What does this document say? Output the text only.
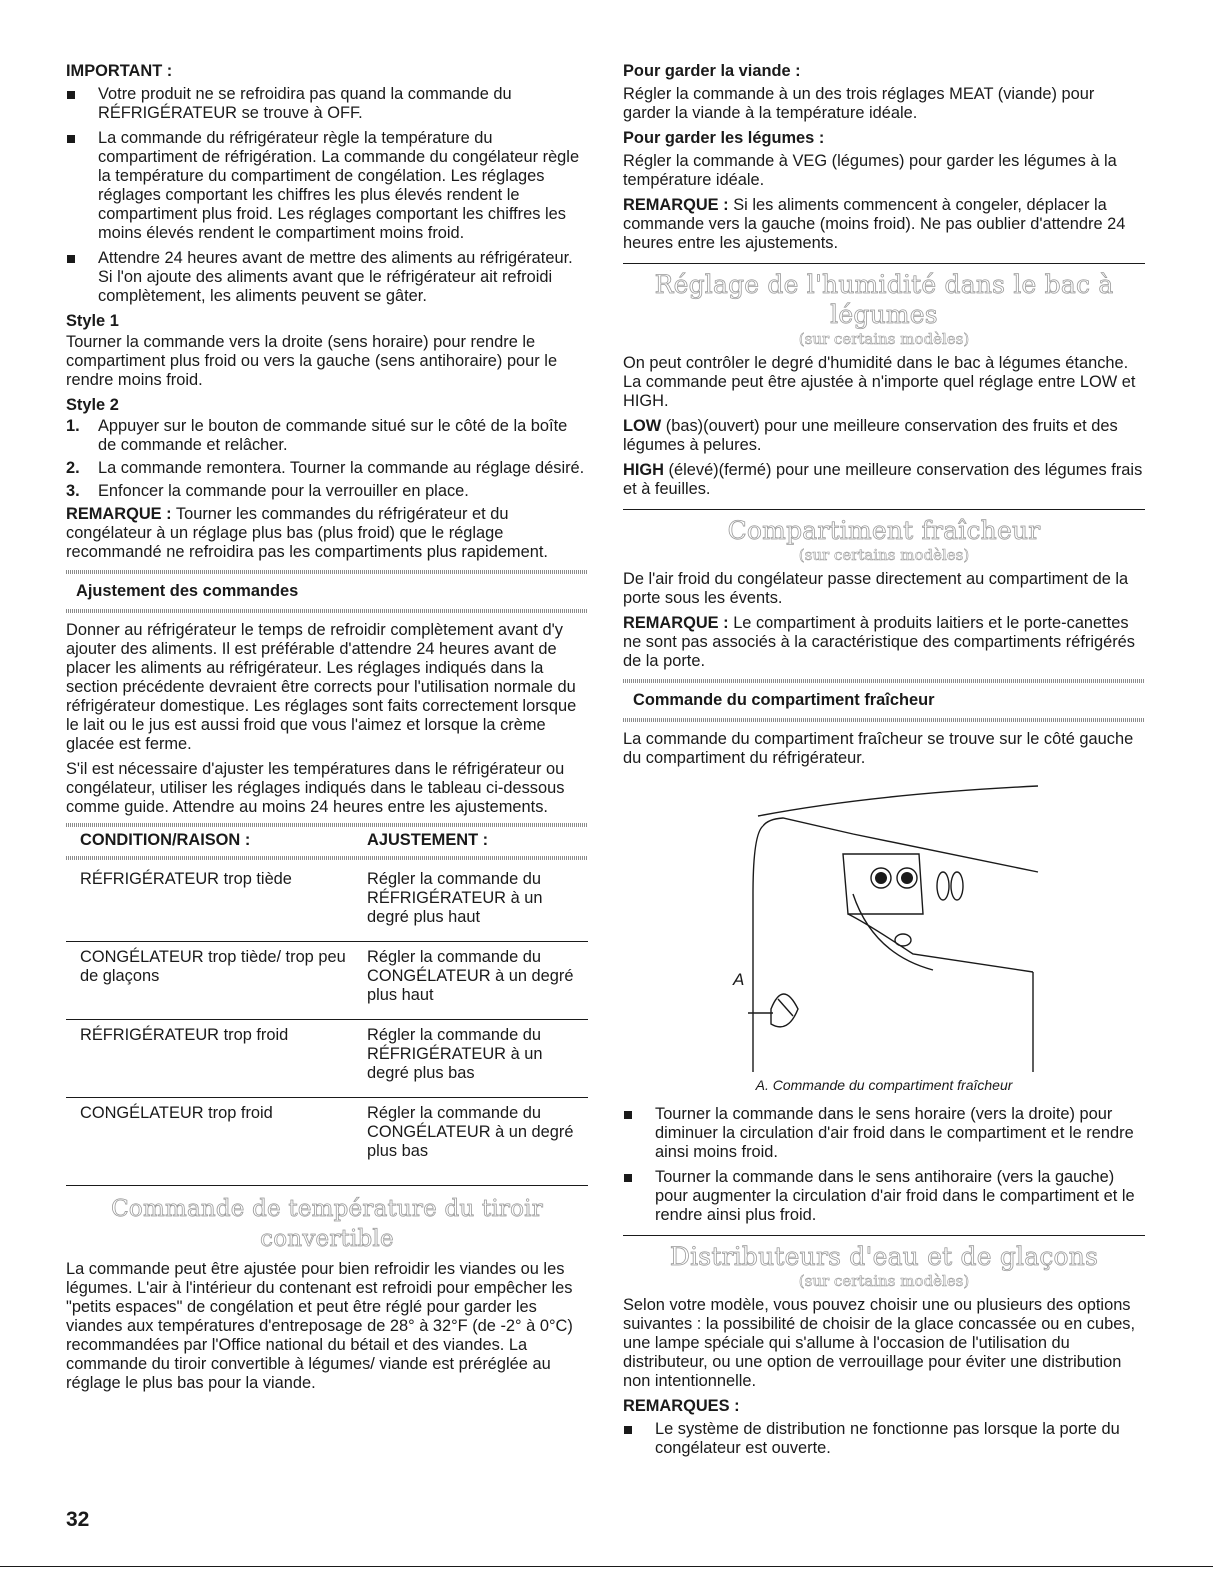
IMPORTANT :
Votre produit ne se refroidira pas quand la commande du RÉFRIGÉRATEUR se trouve à OFF.
La commande du réfrigérateur règle la température du compartiment de réfrigération. La commande du congélateur règle la température du compartiment de congélation. Les réglages réglages comportant les chiffres les plus élevés rendent le compartiment plus froid. Les réglages comportant les chiffres les moins élevés rendent le compartiment moins froid.
Attendre 24 heures avant de mettre des aliments au réfrigérateur. Si l'on ajoute des aliments avant que le réfrigérateur ait refroidi complètement, les aliments peuvent se gâter.
Style 1

Tourner la commande vers la droite (sens horaire) pour rendre le compartiment plus froid ou vers la gauche (sens antihoraire) pour le rendre moins froid.

Style 2
1. Appuyer sur le bouton de commande situé sur le côté de la boîte de commande et relâcher.
2. La commande remontera. Tourner la commande au réglage désiré.
3. Enfoncer la commande pour la verrouiller en place.

REMARQUE : Tourner les commandes du réfrigérateur et du congélateur à un réglage plus bas (plus froid) que le réglage recommandé ne refroidira pas les compartiments plus rapidement.

Ajustement des commandes

Donner au réfrigérateur le temps de refroidir complètement avant d'y ajouter des aliments. Il est préférable d'attendre 24 heures avant de placer les aliments au réfrigérateur. Les réglages indiqués dans la section précédente devraient être corrects pour l'utilisation normale du réfrigérateur domestique. Les réglages sont faits correctement lorsque le lait ou le jus est aussi froid que vous l'aimez et lorsque la crème glacée est ferme.

S'il est nécessaire d'ajuster les températures dans le réfrigérateur ou congélateur, utiliser les réglages indiqués dans le tableau ci-dessous comme guide. Attendre au moins 24 heures entre les ajustements.

CONDITION/RAISON :	AJUSTEMENT :

RÉFRIGÉRATEUR trop tiède	Régler la commande du RÉFRIGÉRATEUR à un degré plus haut
CONGÉLATEUR trop tiède/ trop peu de glaçons	Régler la commande du CONGÉLATEUR à un degré plus haut
RÉFRIGÉRATEUR trop froid	Régler la commande du RÉFRIGÉRATEUR à un degré plus bas
CONGÉLATEUR trop froid	Régler la commande du CONGÉLATEUR à un degré plus bas
Commande de température du tiroir convertible

La commande peut être ajustée pour bien refroidir les viandes ou les légumes. L'air à l'intérieur du contenant est refroidi pour empêcher les "petits espaces" de congélation et peut être réglé pour garder les viandes aux températures d'entreposage de 28° à 32°F (de -2° à 0°C) recommandées par l'Office national du bétail et des viandes. La commande du tiroir convertible à légumes/ viande est préréglée au réglage le plus bas pour la viande.

Pour garder la viande :

Régler la commande à un des trois réglages MEAT (viande) pour garder la viande à la température idéale.

Pour garder les légumes :

Régler la commande à VEG (légumes) pour garder les légumes à la température idéale.

REMARQUE : Si les aliments commencent à congeler, déplacer la commande vers la gauche (moins froid). Ne pas oublier d'attendre 24 heures entre les ajustements.

Réglage de l'humidité dans le bac à légumes
(sur certains modèles)

On peut contrôler le degré d'humidité dans le bac à légumes étanche. La commande peut être ajustée à n'importe quel réglage entre LOW et HIGH.

LOW (bas)(ouvert) pour une meilleure conservation des fruits et des légumes à pelures.

HIGH (élevé)(fermé) pour une meilleure conservation des légumes frais et à feuilles.

Compartiment fraîcheur
(sur certains modèles)

De l'air froid du congélateur passe directement au compartiment de la porte sous les évents.

REMARQUE : Le compartiment à produits laitiers et le porte-canettes ne sont pas associés à la caractéristique des compartiments réfrigérés de la porte.

Commande du compartiment fraîcheur

La commande du compartiment fraîcheur se trouve sur le côté gauche du compartiment du réfrigérateur.

A
A. Commande du compartiment fraîcheur
Tourner la commande dans le sens horaire (vers la droite) pour diminuer la circulation d'air froid dans le compartiment et le rendre ainsi moins froid.
Tourner la commande dans le sens antihoraire (vers la gauche) pour augmenter la circulation d'air froid dans le compartiment et le rendre ainsi plus froid.
Distributeurs d'eau et de glaçons
(sur certains modèles)

Selon votre modèle, vous pouvez choisir une ou plusieurs des options suivantes : la possibilité de choisir de la glace concassée ou en cubes, une lampe spéciale qui s'allume à l'occasion de l'utilisation du distributeur, ou une option de verrouillage pour éviter une distribution non intentionnelle.

REMARQUES :
Le système de distribution ne fonctionne pas lorsque la porte du congélateur est ouverte.
32
